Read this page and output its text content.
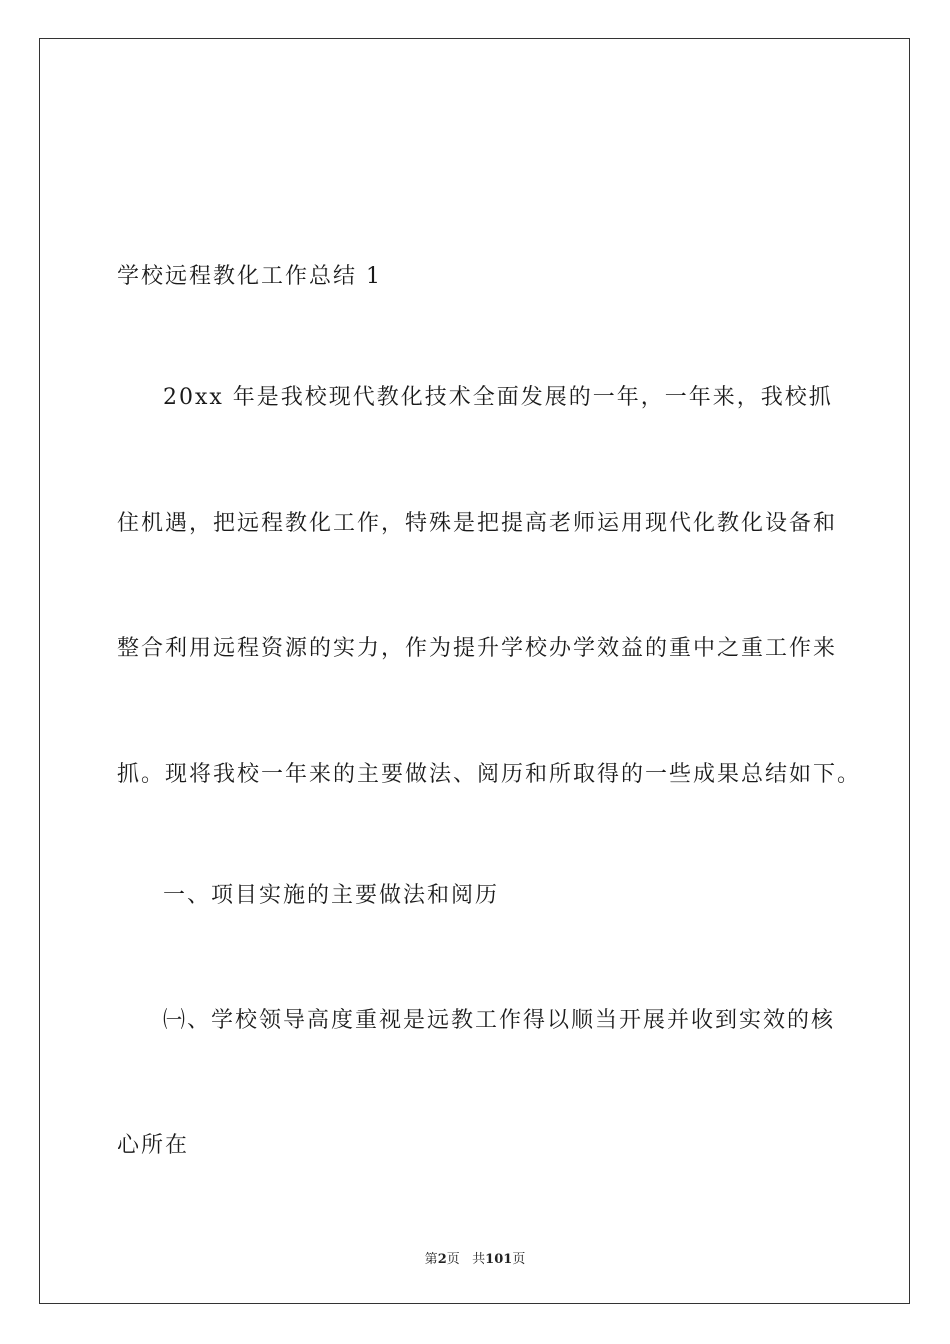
学校远程教化工作总结 1
20xx 年是我校现代教化技术全面发展的一年，一年来，我校抓
住机遇，把远程教化工作，特殊是把提高老师运用现代化教化设备和
整合利用远程资源的实力，作为提升学校办学效益的重中之重工作来
抓。现将我校一年来的主要做法、阅历和所取得的一些成果总结如下。
一、项目实施的主要做法和阅历
㈠、学校领导高度重视是远教工作得以顺当开展并收到实效的核
心所在
第2页 共101页
